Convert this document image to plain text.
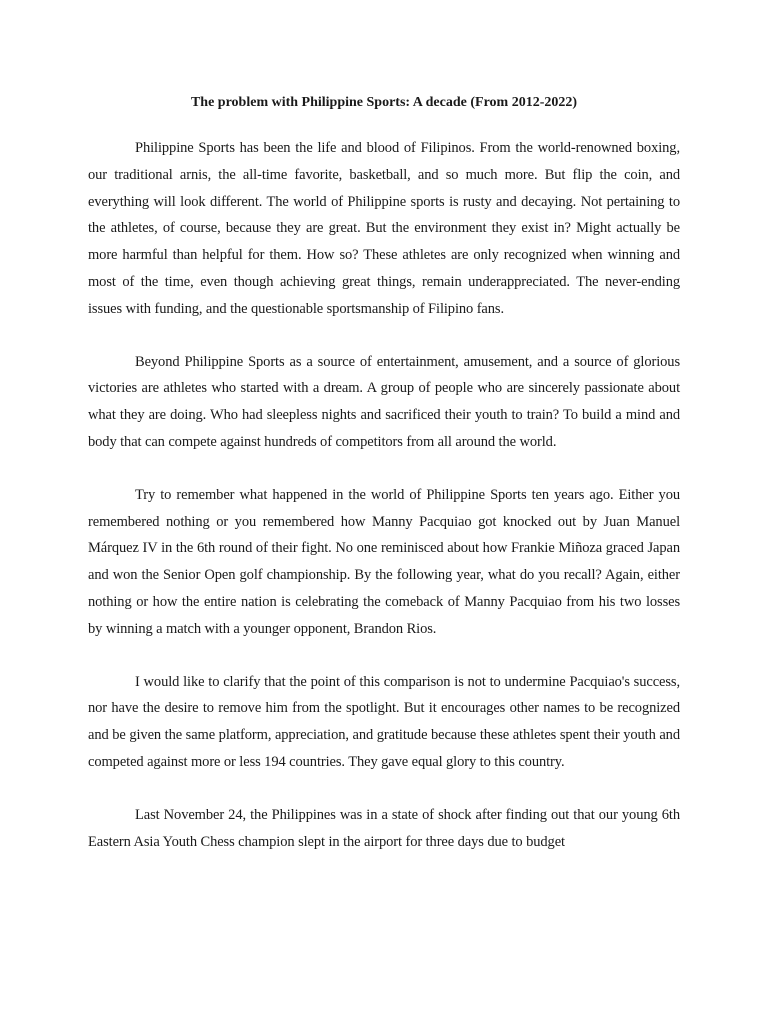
The problem with Philippine Sports: A decade (From 2012-2022)

Philippine Sports has been the life and blood of Filipinos. From the world-renowned boxing, our traditional arnis, the all-time favorite, basketball, and so much more. But flip the coin, and everything will look different. The world of Philippine sports is rusty and decaying. Not pertaining to the athletes, of course, because they are great. But the environment they exist in? Might actually be more harmful than helpful for them. How so? These athletes are only recognized when winning and most of the time, even though achieving great things, remain underappreciated. The never-ending issues with funding, and the questionable sportsmanship of Filipino fans.

Beyond Philippine Sports as a source of entertainment, amusement, and a source of glorious victories are athletes who started with a dream. A group of people who are sincerely passionate about what they are doing. Who had sleepless nights and sacrificed their youth to train? To build a mind and body that can compete against hundreds of competitors from all around the world.

Try to remember what happened in the world of Philippine Sports ten years ago. Either you remembered nothing or you remembered how Manny Pacquiao got knocked out by Juan Manuel Márquez IV in the 6th round of their fight. No one reminisced about how Frankie Miñoza graced Japan and won the Senior Open golf championship. By the following year, what do you recall? Again, either nothing or how the entire nation is celebrating the comeback of Manny Pacquiao from his two losses by winning a match with a younger opponent, Brandon Rios.

I would like to clarify that the point of this comparison is not to undermine Pacquiao's success, nor have the desire to remove him from the spotlight. But it encourages other names to be recognized and be given the same platform, appreciation, and gratitude because these athletes spent their youth and competed against more or less 194 countries. They gave equal glory to this country.

Last November 24, the Philippines was in a state of shock after finding out that our young 6th Eastern Asia Youth Chess champion slept in the airport for three days due to budget
